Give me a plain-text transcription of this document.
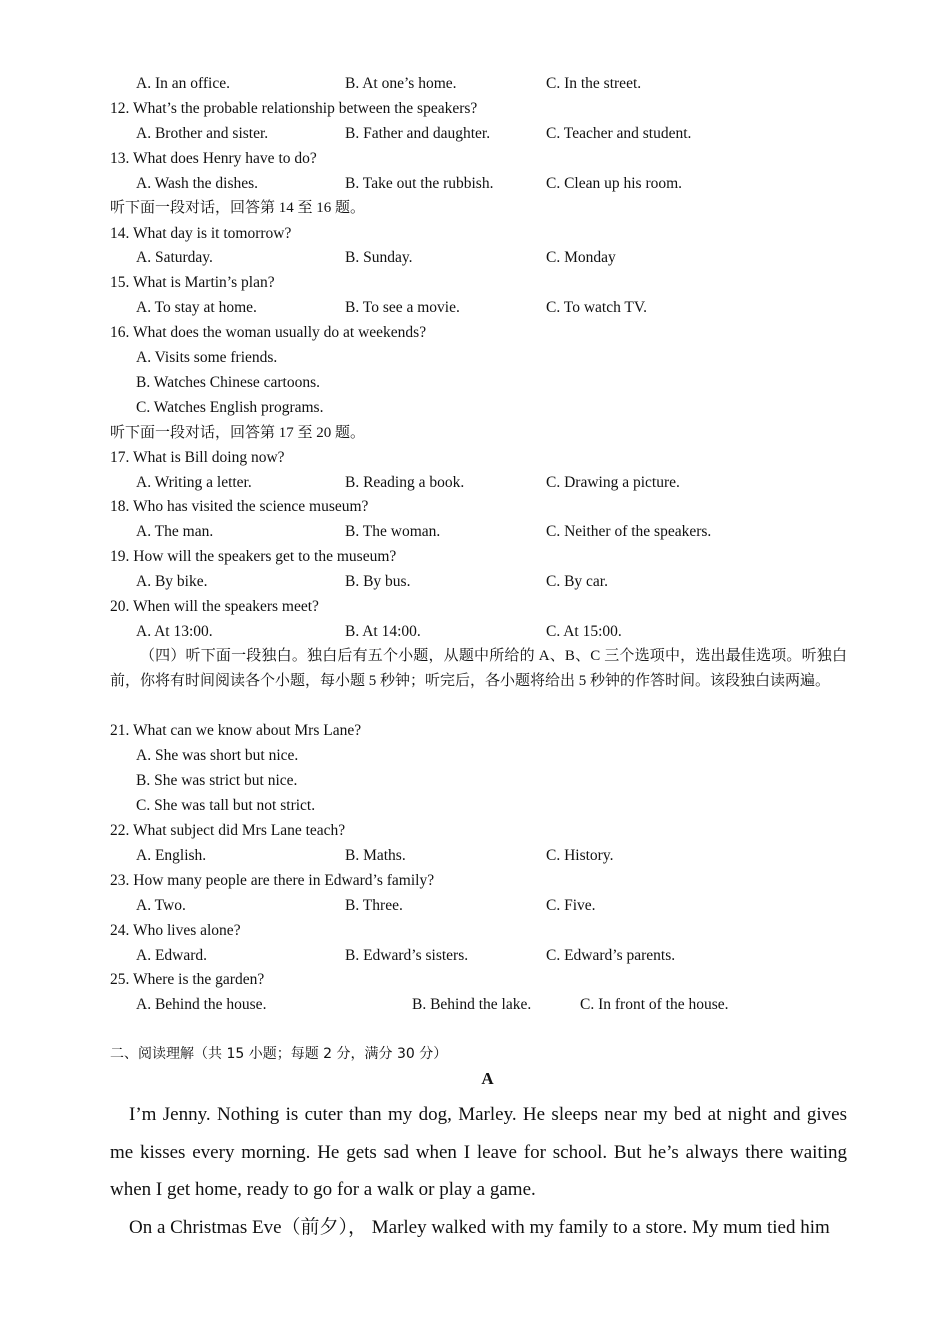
A. In an office.	B. At one’s home.	C. In the street.
12. What’s the probable relationship between the speakers?
A. Brother and sister.	B. Father and daughter.	C. Teacher and student.
13. What does Henry have to do?
A. Wash the dishes.	B. Take out the rubbish.	C. Clean up his room.
听下面一段对话，回答第 14 至 16 题。
14. What day is it tomorrow?
A. Saturday.	B. Sunday.	C. Monday
15. What is Martin’s plan?
A. To stay at home.	B. To see a movie.	C. To watch TV.
16. What does the woman usually do at weekends?
A. Visits some friends.
B. Watches Chinese cartoons.
C. Watches English programs.
听下面一段对话，回答第 17 至 20 题。
17. What is Bill doing now?
A. Writing a letter.	B. Reading a book.	C. Drawing a picture.
18. Who has visited the science museum?
A. The man.	B. The woman.	C. Neither of the speakers.
19. How will the speakers get to the museum?
A. By bike.	B. By bus.	C. By car.
20. When will the speakers meet?
A. At 13:00.	B. At 14:00.	C. At 15:00.
（四）听下面一段独白。独白后有五个小题，从题中所给的 A、B、C 三个选项中，选出最佳选项。听独白前，你将有时间阅读各个小题，每小题 5 秒钟；听完后，各小题将给出 5 秒钟的作答时间。该段独白读两遍。
21. What can we know about Mrs Lane?
A. She was short but nice.
B. She was strict but nice.
C. She was tall but not strict.
22. What subject did Mrs Lane teach?
A. English.	B. Maths.	C. History.
23. How many people are there in Edward’s family?
A. Two.	B. Three.	C. Five.
24. Who lives alone?
A. Edward.	B. Edward’s sisters.	C. Edward’s parents.
25. Where is the garden?
A. Behind the house.	B. Behind the lake.	C. In front of the house.
二、阅读理解（共 15 小题；每题 2 分，满分 30 分）
A

I’m Jenny. Nothing is cuter than my dog, Marley. He sleeps near my bed at night and gives me kisses every morning. He gets sad when I leave for school. But he’s always there waiting when I get home, ready to go for a walk or play a game.

On a Christmas Eve（前夕）， Marley walked with my family to a store. My mum tied him
